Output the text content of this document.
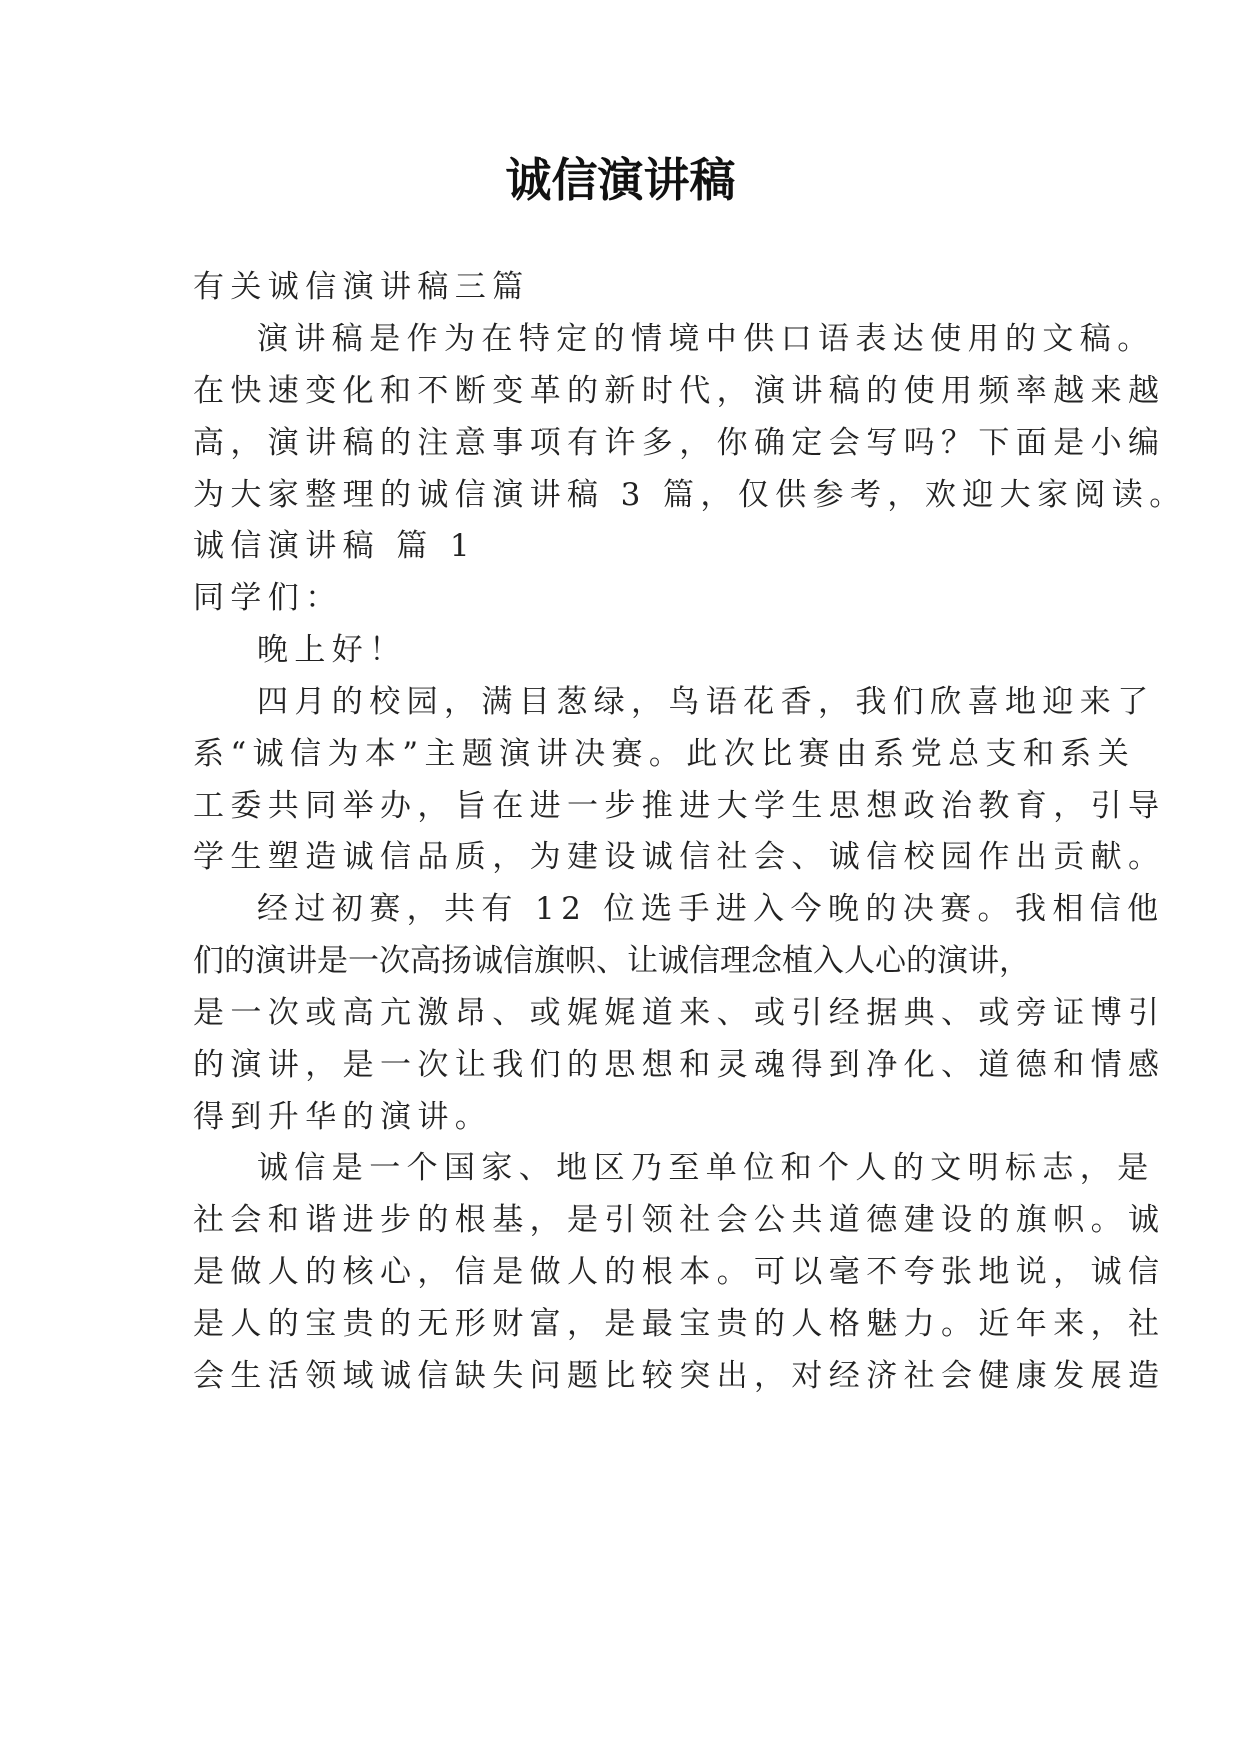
诚信演讲稿

有关诚信演讲稿三篇

演讲稿是作为在特定的情境中供口语表达使用的文稿。

在快速变化和不断变革的新时代，演讲稿的使用频率越来越

高，演讲稿的注意事项有许多，你确定会写吗？下面是小编

为大家整理的诚信演讲稿 3 篇，仅供参考，欢迎大家阅读。

诚信演讲稿 篇 1

同学们：

晚上好！

四月的校园，满目葱绿，鸟语花香，我们欣喜地迎来了

系“诚信为本”主题演讲决赛。此次比赛由系党总支和系关

工委共同举办，旨在进一步推进大学生思想政治教育，引导

学生塑造诚信品质，为建设诚信社会、诚信校园作出贡献。

经过初赛，共有 12 位选手进入今晚的决赛。我相信他

们的演讲是一次高扬诚信旗帜、让诚信理念植入人心的演讲，

是一次或高亢激昂、或娓娓道来、或引经据典、或旁证博引

的演讲，是一次让我们的思想和灵魂得到净化、道德和情感

得到升华的演讲。

诚信是一个国家、地区乃至单位和个人的文明标志，是

社会和谐进步的根基，是引领社会公共道德建设的旗帜。诚

是做人的核心，信是做人的根本。可以毫不夸张地说，诚信

是人的宝贵的无形财富，是最宝贵的人格魅力。近年来，社

会生活领域诚信缺失问题比较突出，对经济社会健康发展造
